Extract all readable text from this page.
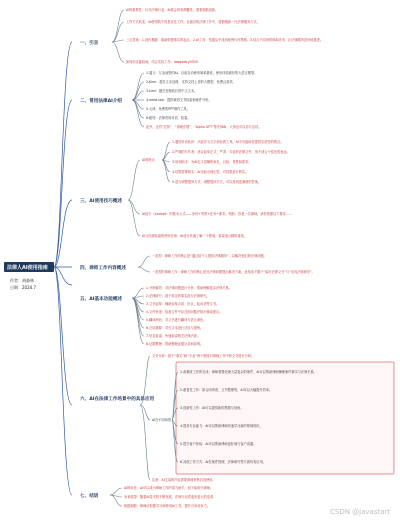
法律人AI使用指南
作者： 胡森林
日期： 2024.7
一、引言
AI的重要性：针对法律行业，AI将会带来颠覆性，需要拥抱创新。
工作方式转变：AI使得的不再是以往工作。在最后的法律工作中，将拥抱新一代法律服务方式。
三点答案：1.创作模板：重新构建事实的起点。2.AI工具：发掘从中找到案例写作思路。3.结合不同场景的AI应用，让法律服务更好地推进。
如何用这篇指南，结合实际工作：lawgaotry0300
二、常用法律AI介绍
1.通义：万金油型的AI。目前自动使用频率最高，使用体验最好的大语言模型。
2.Kimi：超长文本处理，支持文档上传的大模型，免费且高效。
3.kimi：擅长处理较长的中文文本。
4.meta.law：提供裁判文书检索和案件分析。
5.元典：免费的PPT制作工具。
6.秘塔：法律咨询对话、检索。
此外，还有“法智”、“得理法搜”、“Alpha GPT”等法律AI，大家也可以自行尝试。
三、AI使用技巧概述
AI的特点
1.通知对话伙伴：只能作为文字润色的工具，AI不可能给你提供实质性的观点。
2.严谨的写作者：适合起草正式、严肃、专业的法律文件，但不适合个性化的表达。
3.规划助手：为AI定义清晰的角色、目标、背景和需求。
4.结果需要核实：AI可能出现幻觉，对结果进行核实。
5.适当调整提问方式：调整提问方式，可以得到更满意的答案。
AI指令（prompt）的基本公式——身份+背景+任务+要求。例如：你是一名律师，请你按照以下要求……
AI与传统检索的使用区别：AI适合快速了解一个领域，检索适合精准查找。
四、律师工作内容概述
一类型：律师工作的核心是“通过给个人提供法律服务”，以解决他们的法律问题。
一类型的律师工作：律师工作的核心是对法律问题提出解决方案，包括但不限于“编写法律文书”与“出具法律意见”。
五、AI基本功能概述
1.分析解答：对法律问题进行分析，帮助理解复杂法律关系。
2.法律研究：基于给定的事实进行法律研究。
3.文书起草：辅助起草合同、协议、起诉状等文书。
4.文件审查：检查文件中存在的问题并给出修改建议。
5.翻译润色：对文书进行翻译与语言润色。
6.总结摘要：对长文本进行总结与提炼。
7.信息检索：快速检索相关法律法规。
8.证据整理：帮助整理证据目录和说明。
六、AI在法律工作场景中的具体应用
文书分析：基于“事实”和“专业”两个维度对律师工作中的文书进行分析。
AI在不同场景
1.高难度工作的完成：律师需要处理大量复杂的案件，AI可以帮助律师梳理案件事实与法律关系。
2.重复性工作：如合同审查、文书整理等，AI可以大幅提升效率。
3.创新性工作：AI可以提供新的思路与视角。
4.提高专业能力：AI可以帮助律师快速学习新的领域知识。
5.提升客户体验：AI可以帮助律师更好地与客户沟通。
6.其他工作方式：AI在案件管理、法律研究等方面均有应用。
注意：AI生成的内容需要律师审核后再使用。
七、结语
AI的用处：AI可以成为律师工作的得力助手，但不能取代律师。
未来展望：随着AI技术的不断发展，法律行业将迎来更大的变革。
积极拥抱：律师应积极学习和使用AI工具，提升自身竞争力。
CSDN @javastart
